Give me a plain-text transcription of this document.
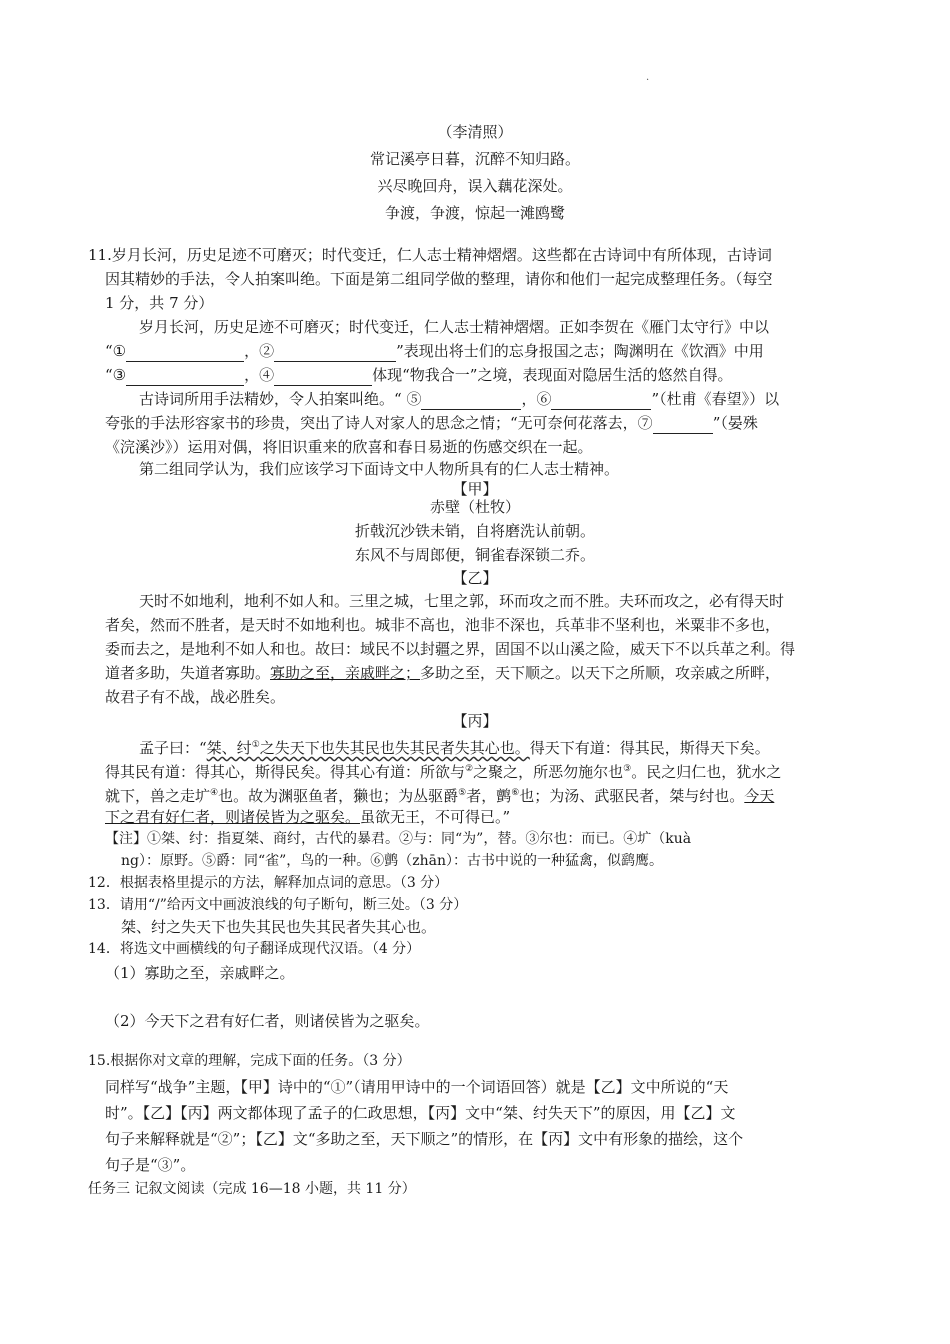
.
（李清照）
常记溪亭日暮，沉醉不知归路。
兴尽晚回舟，误入藕花深处。
争渡，争渡，惊起一滩鸥鹭
11.岁月长河，历史足迹不可磨灭；时代变迁，仁人志士精神熠熠。这些都在古诗词中有所体现，古诗词
因其精妙的手法，令人拍案叫绝。下面是第二组同学做的整理，请你和他们一起完成整理任务。（每空
1 分，共 7 分）
岁月长河，历史足迹不可磨灭；时代变迁，仁人志士精神熠熠。正如李贺在《雁门太守行》中以
“①	，②	”表现出将士们的忘身报国之志；陶渊明在《饮酒》中用
“③	，④	体现“物我合一”之境，表现面对隐居生活的悠然自得。
古诗词所用手法精妙，令人拍案叫绝。“ ⑤	，⑥	”（杜甫《春望》）以
夸张的手法形容家书的珍贵，突出了诗人对家人的思念之情；“无可奈何花落去，⑦	”（晏殊
《浣溪沙》）运用对偶，将旧识重来的欣喜和春日易逝的伤感交织在一起。
第二组同学认为，我们应该学习下面诗文中人物所具有的仁人志士精神。
【甲】
赤壁（杜牧）
折戟沉沙铁未销，自将磨洗认前朝。
东风不与周郎便，铜雀春深锁二乔。
【乙】
天时不如地利，地利不如人和。三里之城，七里之郭，环而攻之而不胜。夫环而攻之，必有得天时
者矣，然而不胜者，是天时不如地利也。城非不高也，池非不深也，兵革非不坚利也，米粟非不多也，
委而去之，是地利不如人和也。故曰：域民不以封疆之界，固国不以山溪之险，威天下不以兵革之利。得
道者多助，失道者寡助。寡助之至，亲戚畔之；多助之至，天下顺之。以天下之所顺，攻亲戚之所畔，
故君子有不战，战必胜矣。
【丙】
孟子曰：“桀、纣①之失天下也失其民也失其民者失其心也。得天下有道：得其民，斯得天下矣。
得其民有道：得其心，斯得民矣。得其心有道：所欲与②之聚之，所恶勿施尔也③。民之归仁也，犹水之
就下，兽之走圹④也。故为渊驱鱼者，獭也；为丛驱爵⑤者，鹯⑥也；为汤、武驱民者，桀与纣也。今天
下之君有好仁者，则诸侯皆为之驱矣。虽欲无王，不可得已。”
【注】①桀、纣：指夏桀、商纣，古代的暴君。②与：同“为”，替。③尔也：而已。④圹（kuà
ng）：原野。⑤爵：同“雀”，鸟的一种。⑥鹯（zhān）：古书中说的一种猛禽，似鹞鹰。
12．根据表格里提示的方法，解释加点词的意思。（3 分）
13．请用“/”给丙文中画波浪线的句子断句，断三处。（3 分）
桀、纣之失天下也失其民也失其民者失其心也。
14．将选文中画横线的句子翻译成现代汉语。（4 分）
（1）寡助之至，亲戚畔之。
（2）今天下之君有好仁者，则诸侯皆为之驱矣。
15.根据你对文章的理解，完成下面的任务。（3 分）
同样写“战争”主题，【甲】诗中的“①”（请用甲诗中的一个词语回答）就是【乙】文中所说的“天
时”。【乙】【丙】两文都体现了孟子的仁政思想，【丙】文中“桀、纣失天下”的原因，用【乙】文
句子来解释就是“②”；【乙】文“多助之至，天下顺之”的情形，在【丙】文中有形象的描绘，这个
句子是“③”。
任务三 记叙文阅读（完成 16—18 小题，共 11 分）
